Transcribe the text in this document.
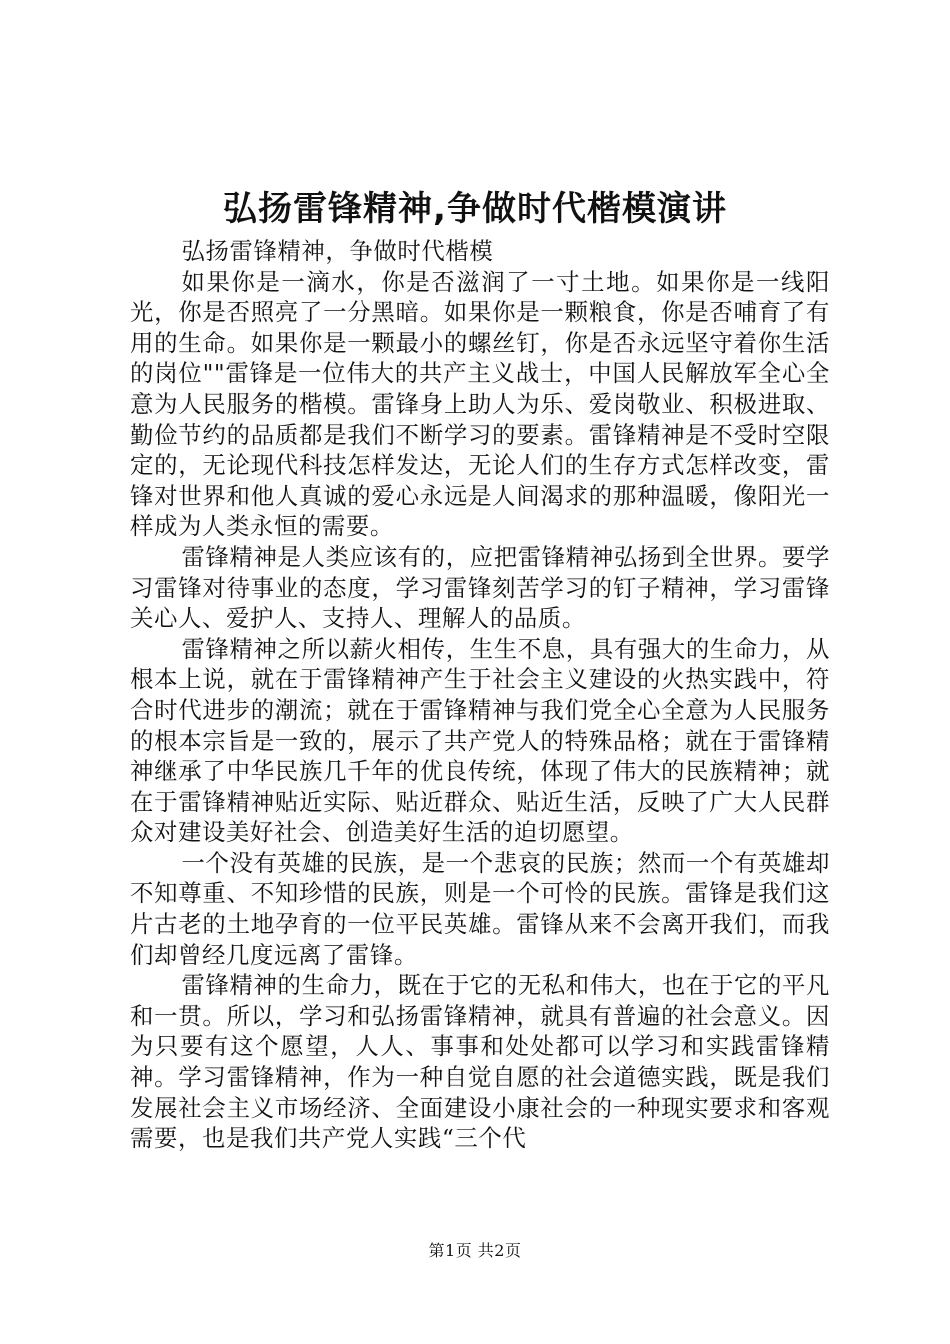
弘扬雷锋精神,争做时代楷模演讲

弘扬雷锋精神，争做时代楷模

如果你是一滴水，你是否滋润了一寸土地。如果你是一线阳光，你是否照亮了一分黑暗。如果你是一颗粮食，你是否哺育了有用的生命。如果你是一颗最小的螺丝钉，你是否永远坚守着你生活的岗位""雷锋是一位伟大的共产主义战士，中国人民解放军全心全意为人民服务的楷模。雷锋身上助人为乐、爱岗敬业、积极进取、勤俭节约的品质都是我们不断学习的要素。雷锋精神是不受时空限定的，无论现代科技怎样发达，无论人们的生存方式怎样改变，雷锋对世界和他人真诚的爱心永远是人间渴求的那种温暖，像阳光一样成为人类永恒的需要。

雷锋精神是人类应该有的，应把雷锋精神弘扬到全世界。要学习雷锋对待事业的态度，学习雷锋刻苦学习的钉子精神，学习雷锋关心人、爱护人、支持人、理解人的品质。

雷锋精神之所以薪火相传，生生不息，具有强大的生命力，从根本上说，就在于雷锋精神产生于社会主义建设的火热实践中，符合时代进步的潮流；就在于雷锋精神与我们党全心全意为人民服务的根本宗旨是一致的，展示了共产党人的特殊品格；就在于雷锋精神继承了中华民族几千年的优良传统，体现了伟大的民族精神；就在于雷锋精神贴近实际、贴近群众、贴近生活，反映了广大人民群众对建设美好社会、创造美好生活的迫切愿望。

一个没有英雄的民族，是一个悲哀的民族；然而一个有英雄却不知尊重、不知珍惜的民族，则是一个可怜的民族。雷锋是我们这片古老的土地孕育的一位平民英雄。雷锋从来不会离开我们，而我们却曾经几度远离了雷锋。

雷锋精神的生命力，既在于它的无私和伟大，也在于它的平凡和一贯。所以，学习和弘扬雷锋精神，就具有普遍的社会意义。因为只要有这个愿望，人人、事事和处处都可以学习和实践雷锋精神。学习雷锋精神，作为一种自觉自愿的社会道德实践，既是我们发展社会主义市场经济、全面建设小康社会的一种现实要求和客观需要，也是我们共产党人实践“三个代

第1页 共2页
